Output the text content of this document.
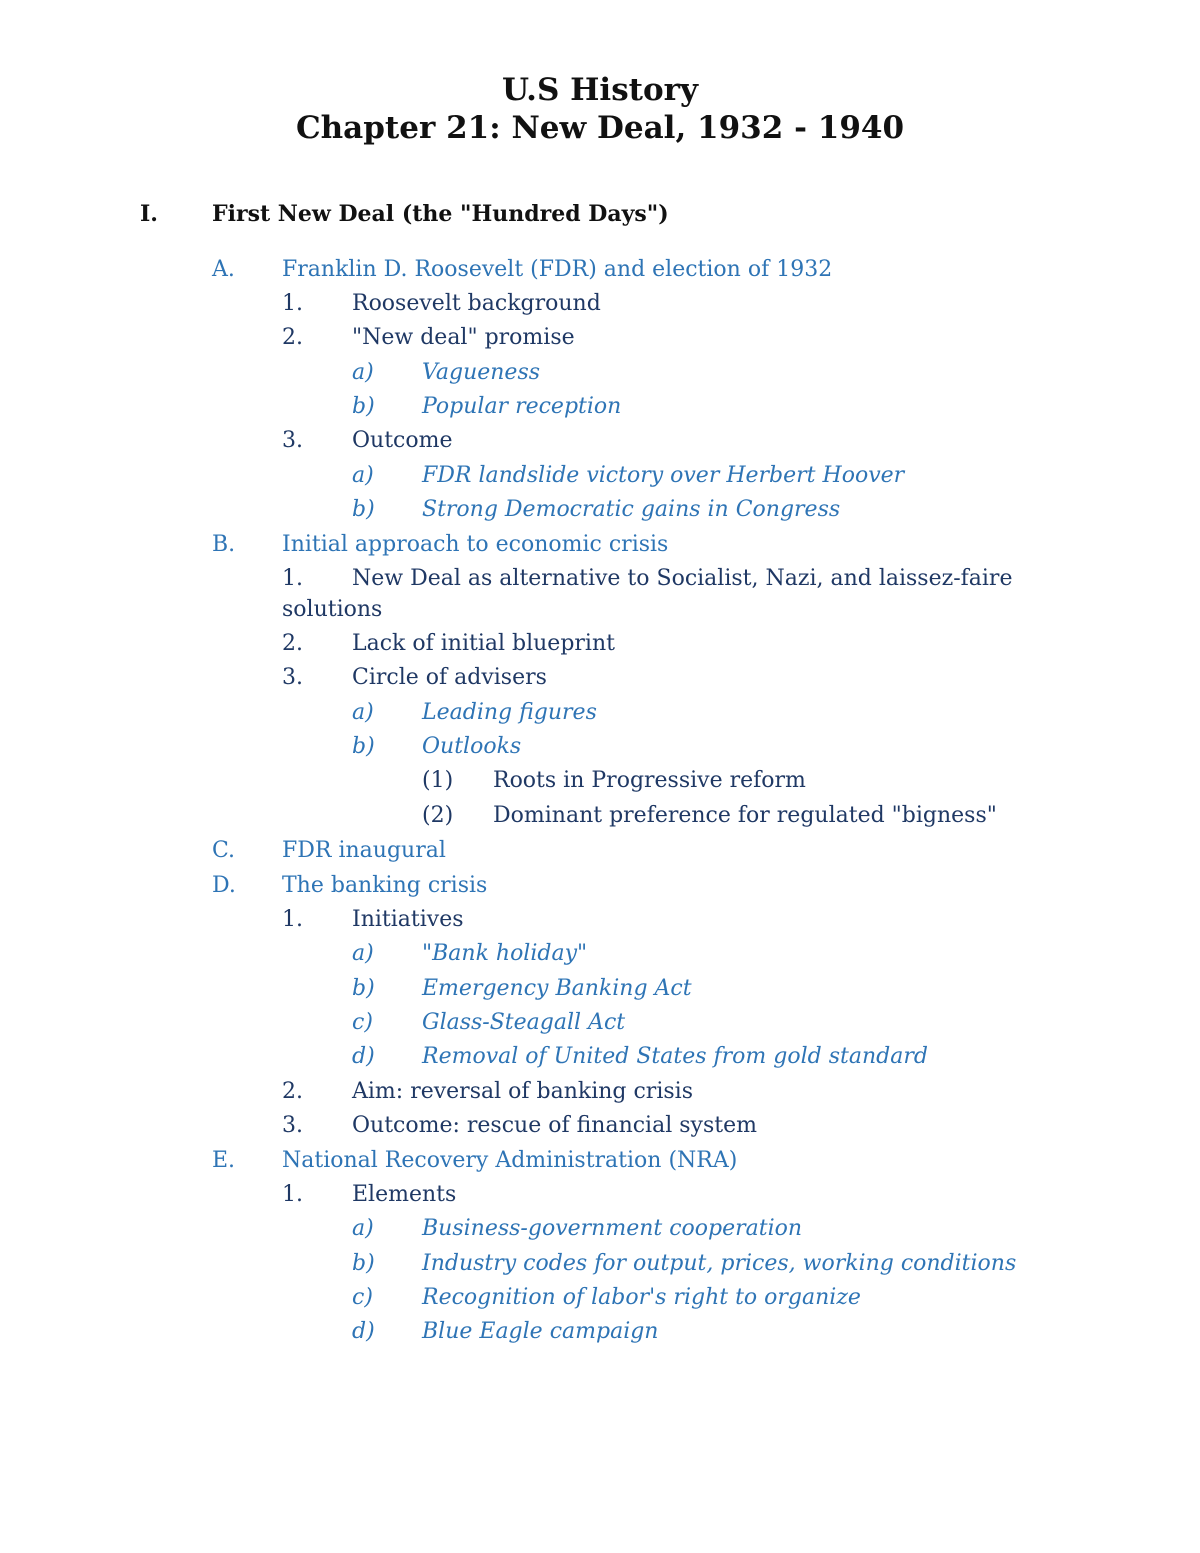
U.S History
Chapter 21: New Deal, 1932 - 1940
I. First New Deal (the "Hundred Days")
A. Franklin D. Roosevelt (FDR) and election of 1932
1. Roosevelt background
2. "New deal" promise
a) Vagueness
b) Popular reception
3. Outcome
a) FDR landslide victory over Herbert Hoover
b) Strong Democratic gains in Congress
B. Initial approach to economic crisis
1. New Deal as alternative to Socialist, Nazi, and laissez-faire
solutions
2. Lack of initial blueprint
3. Circle of advisers
a) Leading figures
b) Outlooks
(1) Roots in Progressive reform
(2) Dominant preference for regulated "bigness"
C. FDR inaugural
D. The banking crisis
1. Initiatives
a) "Bank holiday"
b) Emergency Banking Act
c) Glass-Steagall Act
d) Removal of United States from gold standard
2. Aim: reversal of banking crisis
3. Outcome: rescue of financial system
E. National Recovery Administration (NRA)
1. Elements
a) Business-government cooperation
b) Industry codes for output, prices, working conditions
c) Recognition of labor's right to organize
d) Blue Eagle campaign
